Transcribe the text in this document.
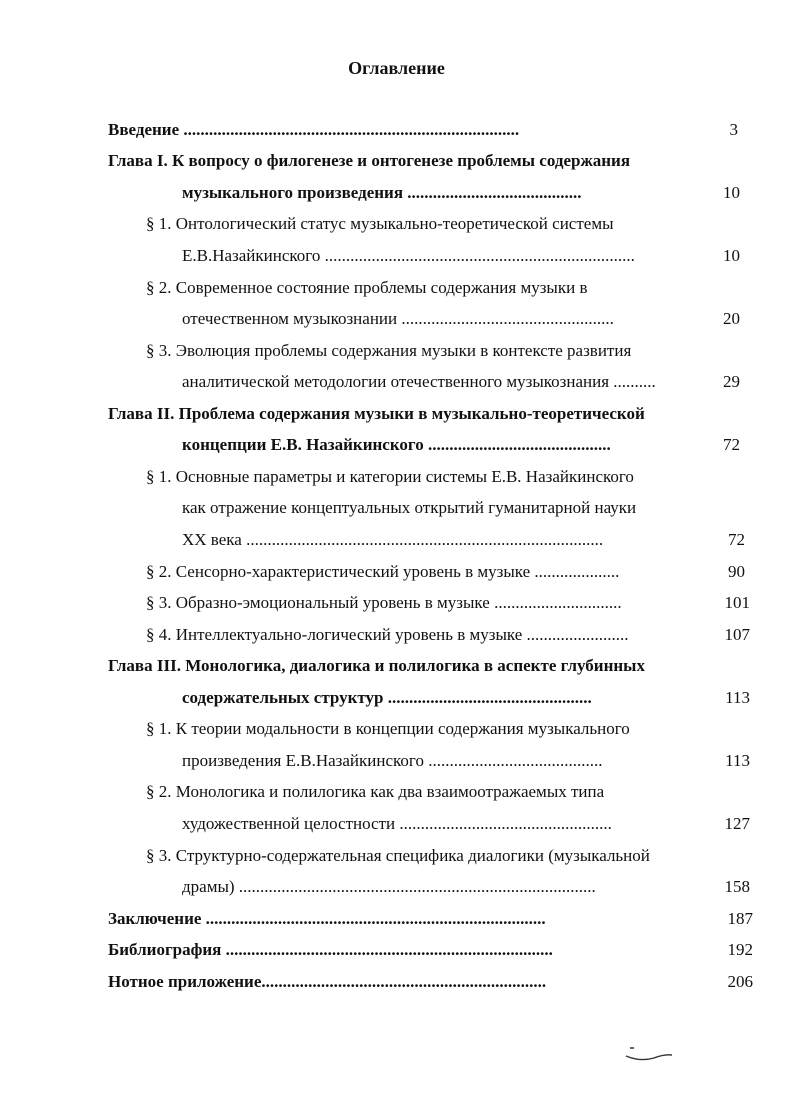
Оглавление
Введение ...............................................................................	3
Глава I. К вопросу о филогенезе и онтогенезе проблемы содержания
музыкального произведения .........................................	10
§ 1. Онтологический статус музыкально-теоретической системы
Е.В.Назайкинского .........................................................................	10
§ 2. Современное состояние проблемы содержания музыки в
отечественном музыкознании ..................................................	20
§ 3. Эволюция проблемы содержания музыки в контексте развития
аналитической методологии отечественного музыкознания ..........	29
Глава II. Проблема содержания музыки в музыкально-теоретической
концепции Е.В. Назайкинского ...........................................	72
§ 1. Основные параметры и категории системы Е.В. Назайкинского
как отражение концептуальных открытий гуманитарной науки
XX века ....................................................................................	72
§ 2. Сенсорно-характеристический уровень в музыке ....................	90
§ 3. Образно-эмоциональный уровень в музыке ..............................	101
§ 4. Интеллектуально-логический уровень в музыке ........................	107
Глава III. Монологика, диалогика и полилогика в аспекте глубинных
содержательных структур ................................................	113
§ 1. К теории модальности в концепции содержания музыкального
произведения Е.В.Назайкинского .........................................	113
§ 2. Монологика и полилогика как два взаимоотражаемых типа
художественной целостности ..................................................	127
§ 3. Структурно-содержательная специфика диалогики (музыкальной
драмы) ....................................................................................	158
Заключение ................................................................................	187
Библиография .............................................................................	192
Нотное приложение...................................................................	206
